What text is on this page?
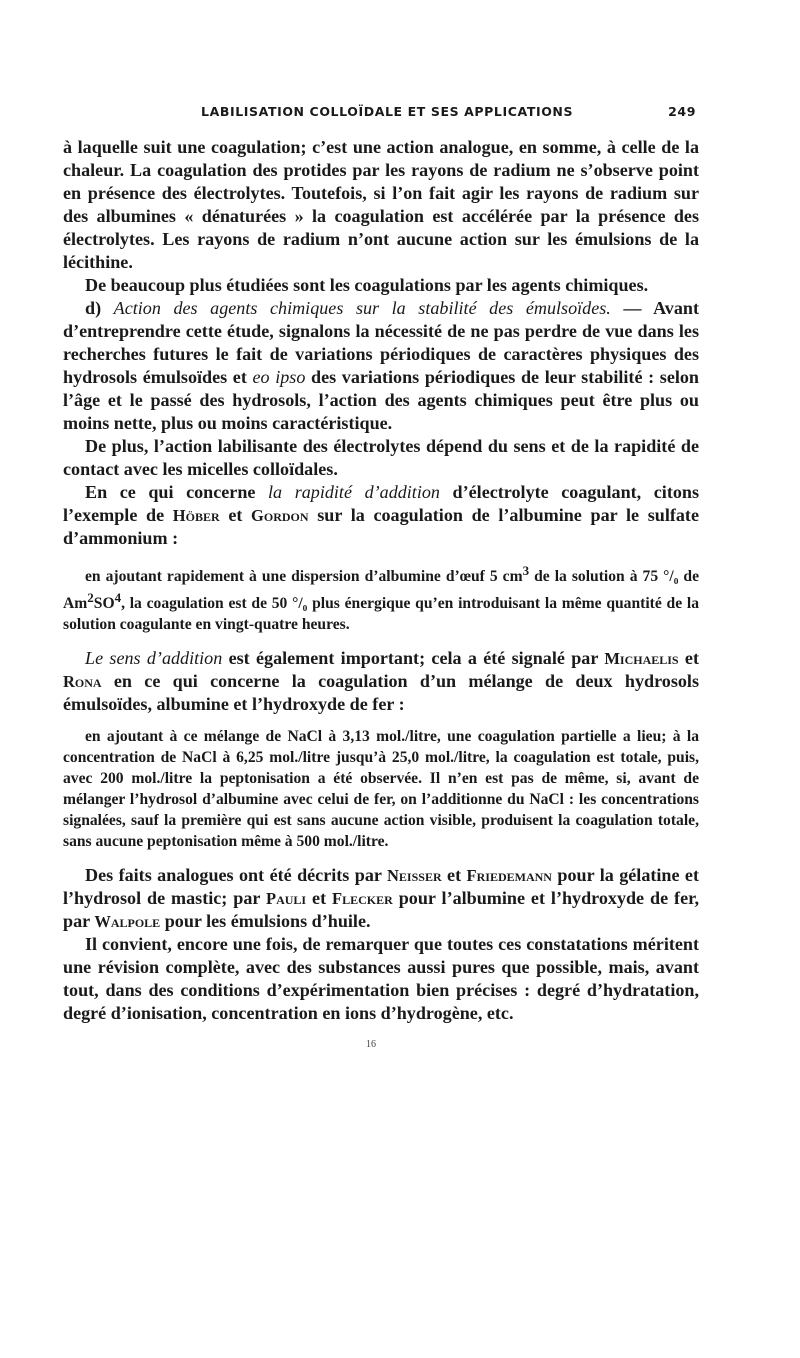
LABILISATION COLLOÏDALE ET SES APPLICATIONS	249

à laquelle suit une coagulation; c’est une action analogue, en somme, à celle de la chaleur. La coagulation des protides par les rayons de radium ne s’observe point en présence des électrolytes. Toutefois, si l’on fait agir les rayons de radium sur des albumines « dénaturées » la coagulation est accélérée par la présence des électrolytes. Les rayons de radium n’ont aucune action sur les émulsions de la lécithine.

De beaucoup plus étudiées sont les coagulations par les agents chimiques.

d) Action des agents chimiques sur la stabilité des émulsoïdes. — Avant d’entreprendre cette étude, signalons la nécessité de ne pas perdre de vue dans les recherches futures le fait de variations périodiques de caractères physiques des hydrosols émulsoïdes et eo ipso des variations périodiques de leur stabilité : selon l’âge et le passé des hydrosols, l’action des agents chimiques peut être plus ou moins nette, plus ou moins caractéristique.

De plus, l’action labilisante des électrolytes dépend du sens et de la rapidité de contact avec les micelles colloïdales.

En ce qui concerne la rapidité d’addition d’électrolyte coagulant, citons l’exemple de Höber et Gordon sur la coagulation de l’albumine par le sulfate d’ammonium :

en ajoutant rapidement à une dispersion d’albumine d’œuf 5 $cm^3$ de la solution à 75 °/₀ de $Am^2SO^4$, la coagulation est de 50 °/₀ plus énergique qu’en introduisant la même quantité de la solution coagulante en vingt-quatre heures.

Le sens d’addition est également important; cela a été signalé par Michaelis et Rona en ce qui concerne la coagulation d’un mélange de deux hydrosols émulsoïdes, albumine et l’hydroxyde de fer :

en ajoutant à ce mélange de NaCl à 3,13 mol./litre, une coagulation partielle a lieu; à la concentration de NaCl à 6,25 mol./litre jusqu’à 25,0 mol./litre, la coagulation est totale, puis, avec 200 mol./litre la peptonisation a été observée. Il n’en est pas de même, si, avant de mélanger l’hydrosol d’albumine avec celui de fer, on l’additionne du NaCl : les concentrations signalées, sauf la première qui est sans aucune action visible, produisent la coagulation totale, sans aucune peptonisation même à 500 mol./litre.

Des faits analogues ont été décrits par Neisser et Friedemann pour la gélatine et l’hydrosol de mastic; par Pauli et Flecker pour l’albumine et l’hydroxyde de fer, par Walpole pour les émulsions d’huile.

Il convient, encore une fois, de remarquer que toutes ces constatations méritent une révision complète, avec des substances aussi pures que possible, mais, avant tout, dans des conditions d’expérimentation bien précises : degré d’hydratation, degré d’ionisation, concentration en ions d’hydrogène, etc.

16
